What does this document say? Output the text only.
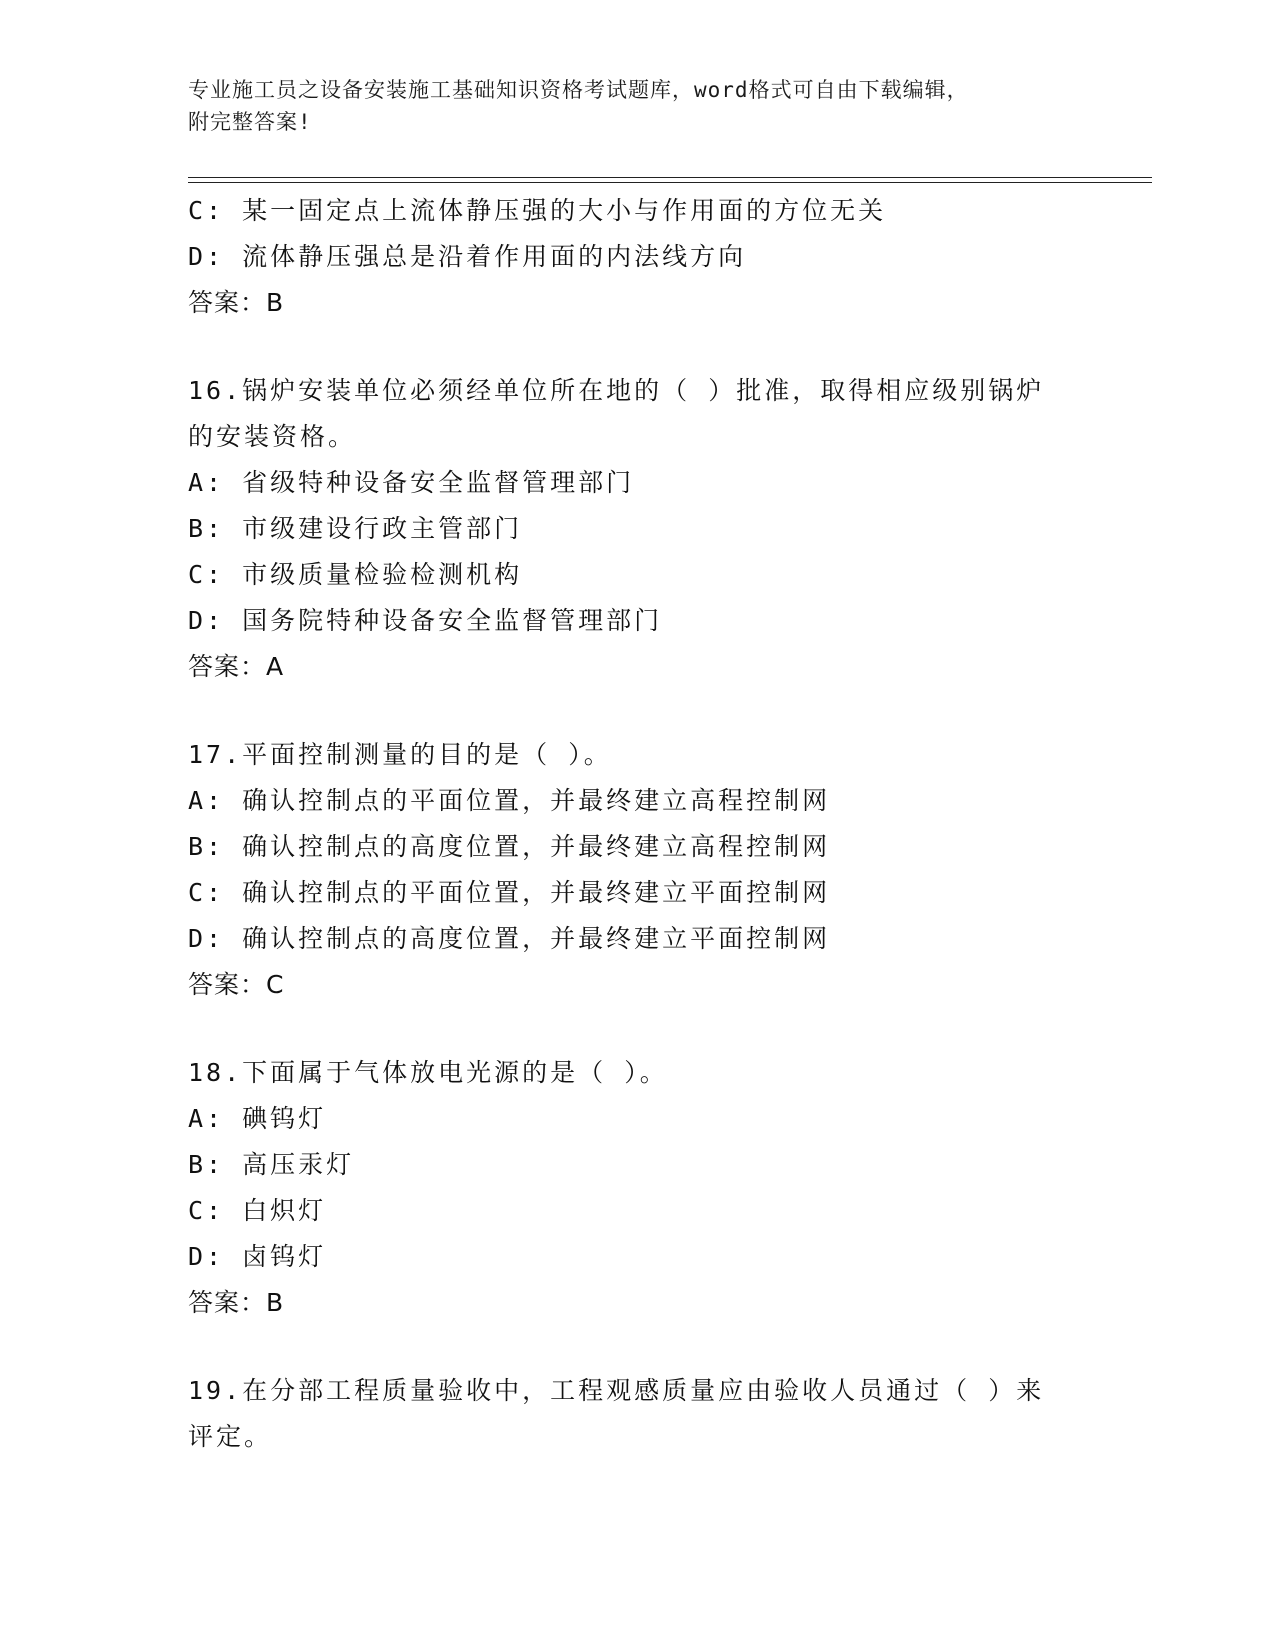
专业施工员之设备安装施工基础知识资格考试题库，word格式可自由下载编辑，
附完整答案!
C: 某一固定点上流体静压强的大小与作用面的方位无关
D: 流体静压强总是沿着作用面的内法线方向
答案：B
16.锅炉安装单位必须经单位所在地的（ ）批准，取得相应级别锅炉
的安装资格。
A: 省级特种设备安全监督管理部门
B: 市级建设行政主管部门
C: 市级质量检验检测机构
D: 国务院特种设备安全监督管理部门
答案：A
17.平面控制测量的目的是（ ）。
A: 确认控制点的平面位置，并最终建立高程控制网
B: 确认控制点的高度位置，并最终建立高程控制网
C: 确认控制点的平面位置，并最终建立平面控制网
D: 确认控制点的高度位置，并最终建立平面控制网
答案：C
18.下面属于气体放电光源的是（ ）。
A: 碘钨灯
B: 高压汞灯
C: 白炽灯
D: 卤钨灯
答案：B
19.在分部工程质量验收中，工程观感质量应由验收人员通过（ ）来
评定。
